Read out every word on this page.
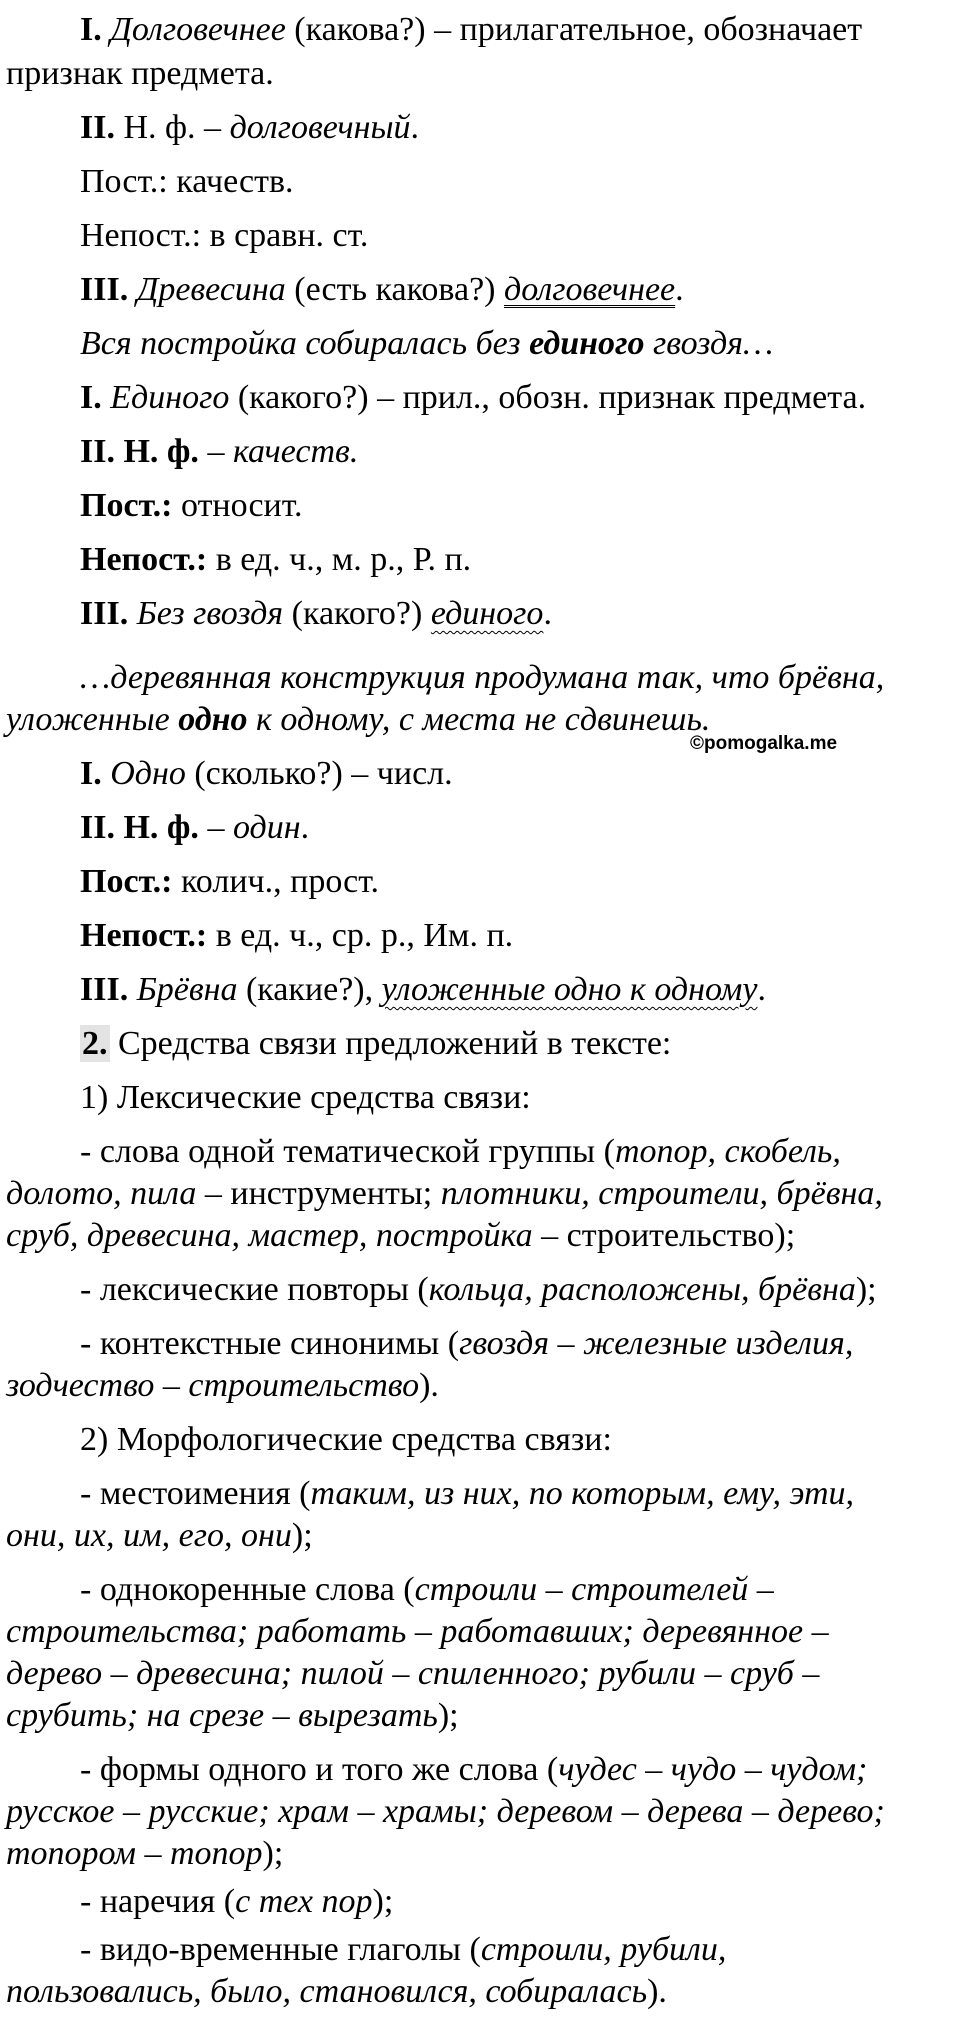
I. Долговечнее (какова?) – прилагательное, обозначает
признак предмета.
II. Н. ф. – долговечный.
Пост.: качеств.
Непост.: в сравн. ст.
III. Древесина (есть какова?) долговечнее.
Вся постройка собиралась без единого гвоздя…
I. Единого (какого?) – прил., обозн. признак предмета.
II. Н. ф. – качеств.
Пост.: относит.
Непост.: в ед. ч., м. р., Р. п.
III. Без гвоздя (какого?) единого.
…деревянная конструкция продумана так, что брёвна,
уложенные одно к одному, с места не сдвинешь.
©pomogalka.me
I. Одно (сколько?) – числ.
II. Н. ф. – один.
Пост.: колич., прост.
Непост.: в ед. ч., ср. р., Им. п.
III. Брёвна (какие?), уложенные одно к одному.
2. Средства связи предложений в тексте:
1) Лексические средства связи:
- слова одной тематической группы (топор, скобель,
долото, пила – инструменты; плотники, строители, брёвна,
сруб, древесина, мастер, постройка – строительство);
- лексические повторы (кольца, расположены, брёвна);
- контекстные синонимы (гвоздя – железные изделия,
зодчество – строительство).
2) Морфологические средства связи:
- местоимения (таким, из них, по которым, ему, эти,
они, их, им, его, они);
- однокоренные слова (строили – строителей –
строительства; работать – работавших; деревянное –
дерево – древесина; пилой – спиленного; рубили – сруб –
срубить; на срезе – вырезать);
- формы одного и того же слова (чудес – чудо – чудом;
русское – русские; храм – храмы; деревом – дерева – дерево;
топором – топор);
- наречия (с тех пор);
- видо-временные глаголы (строили, рубили,
пользовались, было, становился, собиралась).
